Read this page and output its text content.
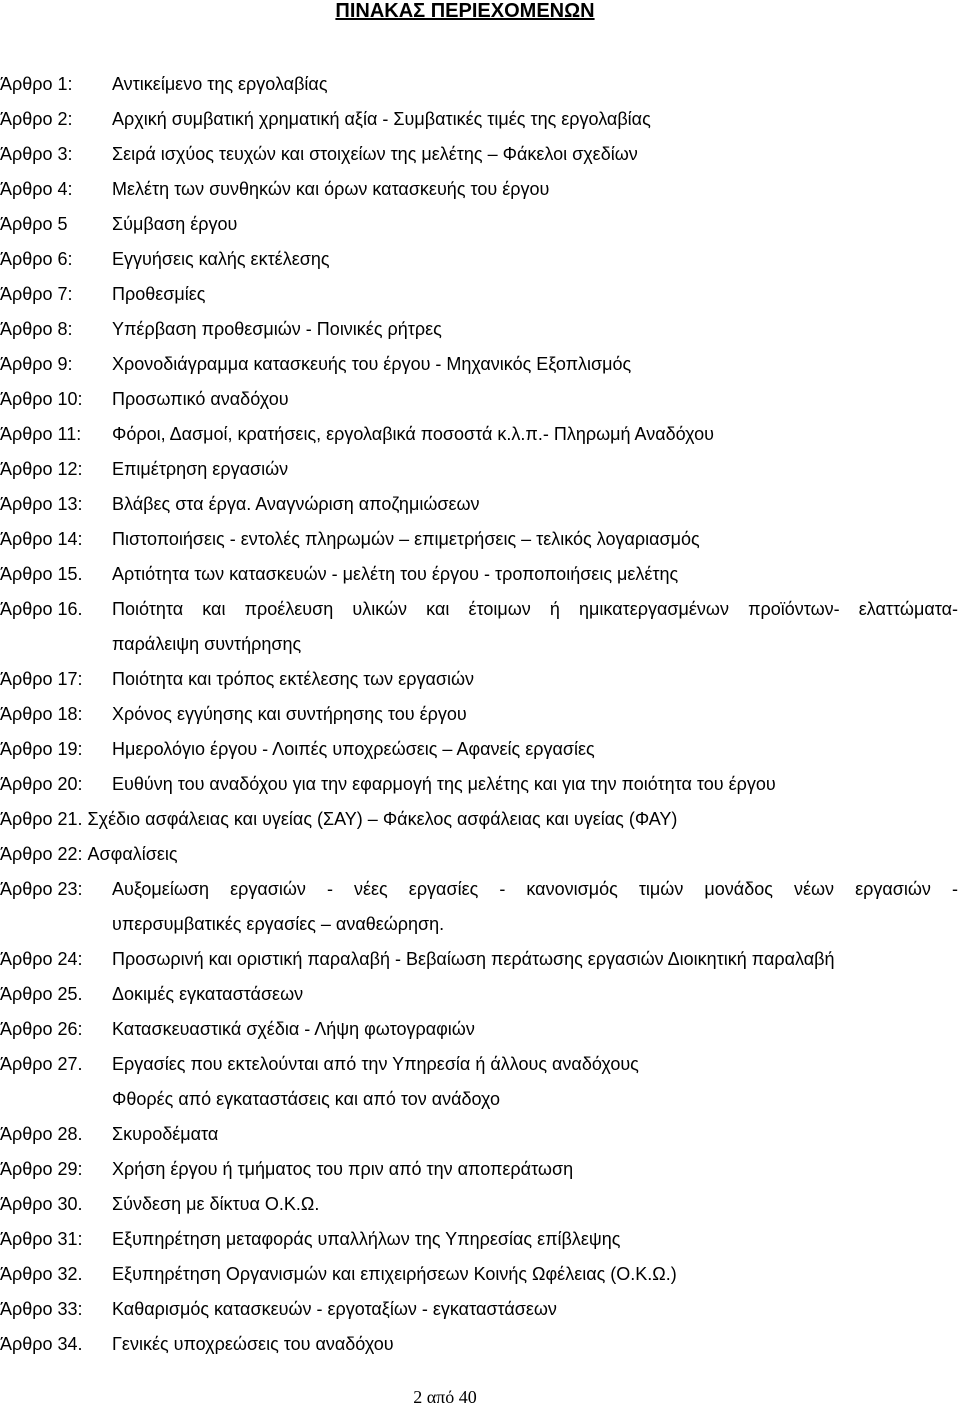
ΠΙΝΑΚΑΣ ΠΕΡΙΕΧΟΜΕΝΩΝ
Άρθρο 1:	Αντικείμενο της εργολαβίας
Άρθρο 2:	Αρχική συμβατική χρηματική αξία - Συμβατικές τιμές της εργολαβίας
Άρθρο 3:	Σειρά ισχύος τευχών και στοιχείων της μελέτης – Φάκελοι σχεδίων
Άρθρο 4:	Μελέτη των συνθηκών και όρων κατασκευής του έργου
Άρθρο 5	Σύμβαση έργου
Άρθρο 6:	Εγγυήσεις καλής εκτέλεσης
Άρθρο 7:	Προθεσμίες
Άρθρο 8:	Υπέρβαση προθεσμιών - Ποινικές ρήτρες
Άρθρο 9:	Χρονοδιάγραμμα κατασκευής του έργου - Μηχανικός Εξοπλισμός
Άρθρο 10:	Προσωπικό αναδόχου
Άρθρο 11:	Φόροι, Δασμοί, κρατήσεις, εργολαβικά ποσοστά κ.λ.π.- Πληρωμή Αναδόχου
Άρθρο 12:	Επιμέτρηση εργασιών
Άρθρο 13:	Βλάβες στα έργα. Αναγνώριση αποζημιώσεων
Άρθρο 14:	Πιστοποιήσεις - εντολές πληρωμών – επιμετρήσεις – τελικός λογαριασμός
Άρθρο 15.	Αρτιότητα των κατασκευών - μελέτη του έργου - τροποποιήσεις μελέτης
Άρθρο 16.	Ποιότητα και προέλευση υλικών και έτοιμων ή ημικατεργασμένων προϊόντων- ελαττώματα-
παράλειψη συντήρησης
Άρθρο 17:	Ποιότητα και τρόπος εκτέλεσης των εργασιών
Άρθρο 18:	Χρόνος εγγύησης και συντήρησης του έργου
Άρθρο 19:	Ημερολόγιο έργου - Λοιπές υποχρεώσεις – Αφανείς εργασίες
Άρθρο 20:	Ευθύνη του αναδόχου για την εφαρμογή της μελέτης και για την ποιότητα του έργου
Άρθρο 21. Σχέδιο ασφάλειας και υγείας (ΣΑΥ) – Φάκελος ασφάλειας και υγείας (ΦΑΥ)
Άρθρο 22: Ασφαλίσεις
Άρθρο 23:	Αυξομείωση εργασιών - νέες εργασίες - κανονισμός τιμών μονάδος νέων εργασιών -
υπερσυμβατικές εργασίες – αναθεώρηση.
Άρθρο 24:	Προσωρινή και οριστική παραλαβή - Βεβαίωση περάτωσης εργασιών Διοικητική παραλαβή
Άρθρο 25.	Δοκιμές εγκαταστάσεων
Άρθρο 26:	Κατασκευαστικά σχέδια - Λήψη φωτογραφιών
Άρθρο 27.	Εργασίες που εκτελούνται από την Υπηρεσία ή άλλους αναδόχους
Φθορές από εγκαταστάσεις και από τον ανάδοχο
Άρθρο 28.	Σκυροδέματα
Άρθρο 29:	Χρήση έργου ή τμήματος του πριν από την αποπεράτωση
Άρθρο 30.	Σύνδεση με δίκτυα Ο.Κ.Ω.
Άρθρο 31:	Εξυπηρέτηση μεταφοράς υπαλλήλων της Υπηρεσίας επίβλεψης
Άρθρο 32.	Εξυπηρέτηση Οργανισμών και επιχειρήσεων Κοινής Ωφέλειας (Ο.Κ.Ω.)
Άρθρο 33:	Καθαρισμός κατασκευών - εργοταξίων - εγκαταστάσεων
Άρθρο 34.	Γενικές υποχρεώσεις του αναδόχου
2 από 40
